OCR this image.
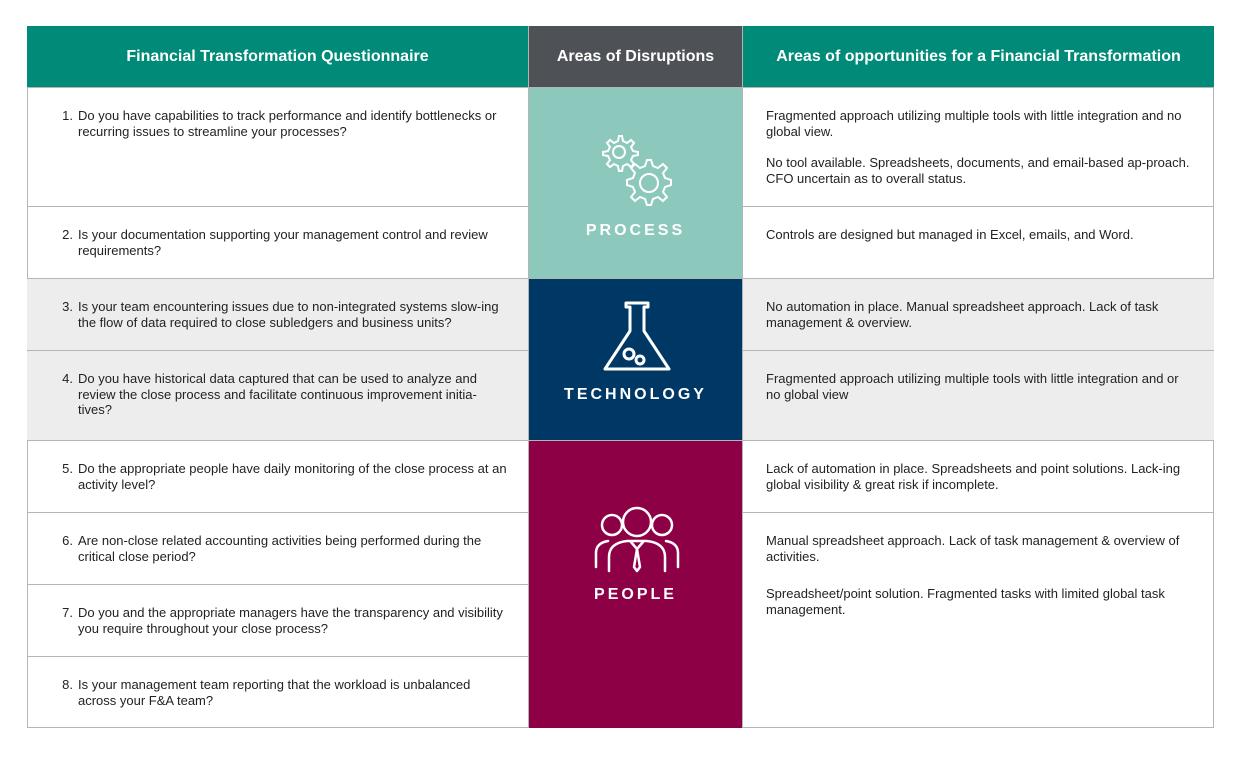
Financial Transformation Questionnaire	Areas of Disruptions	Areas of opportunities for a Financial Transformation
1. Do you have capabilities to track performance and identify bottlenecks or recurring issues to streamline your processes?
2. Is your documentation supporting your management control and review requirements?
3. Is your team encountering issues due to non-integrated systems slow-ing the flow of data required to close subledgers and business units?
4. Do you have historical data captured that can be used to analyze and review the close process and facilitate continuous improvement initia-tives?
5. Do the appropriate people have daily monitoring of the close process at an activity level?
6. Are non-close related accounting activities being performed during the critical close period?
7. Do you and the appropriate managers have the transparency and visibility you require throughout your close process?
8. Is your management team reporting that the workload is unbalanced across your F&A team?
PROCESS
TECHNOLOGY
PEOPLE
Fragmented approach utilizing multiple tools with little integration and no global view.
No tool available. Spreadsheets, documents, and email-based ap-proach. CFO uncertain as to overall status.
Controls are designed but managed in Excel, emails, and Word.
No automation in place. Manual spreadsheet approach. Lack of task management & overview.
Fragmented approach utilizing multiple tools with little integration and or no global view
Lack of automation in place. Spreadsheets and point solutions. Lack-ing global visibility & great risk if incomplete.
Manual spreadsheet approach. Lack of task management & overview of activities.
Spreadsheet/point solution. Fragmented tasks with limited global task management.
